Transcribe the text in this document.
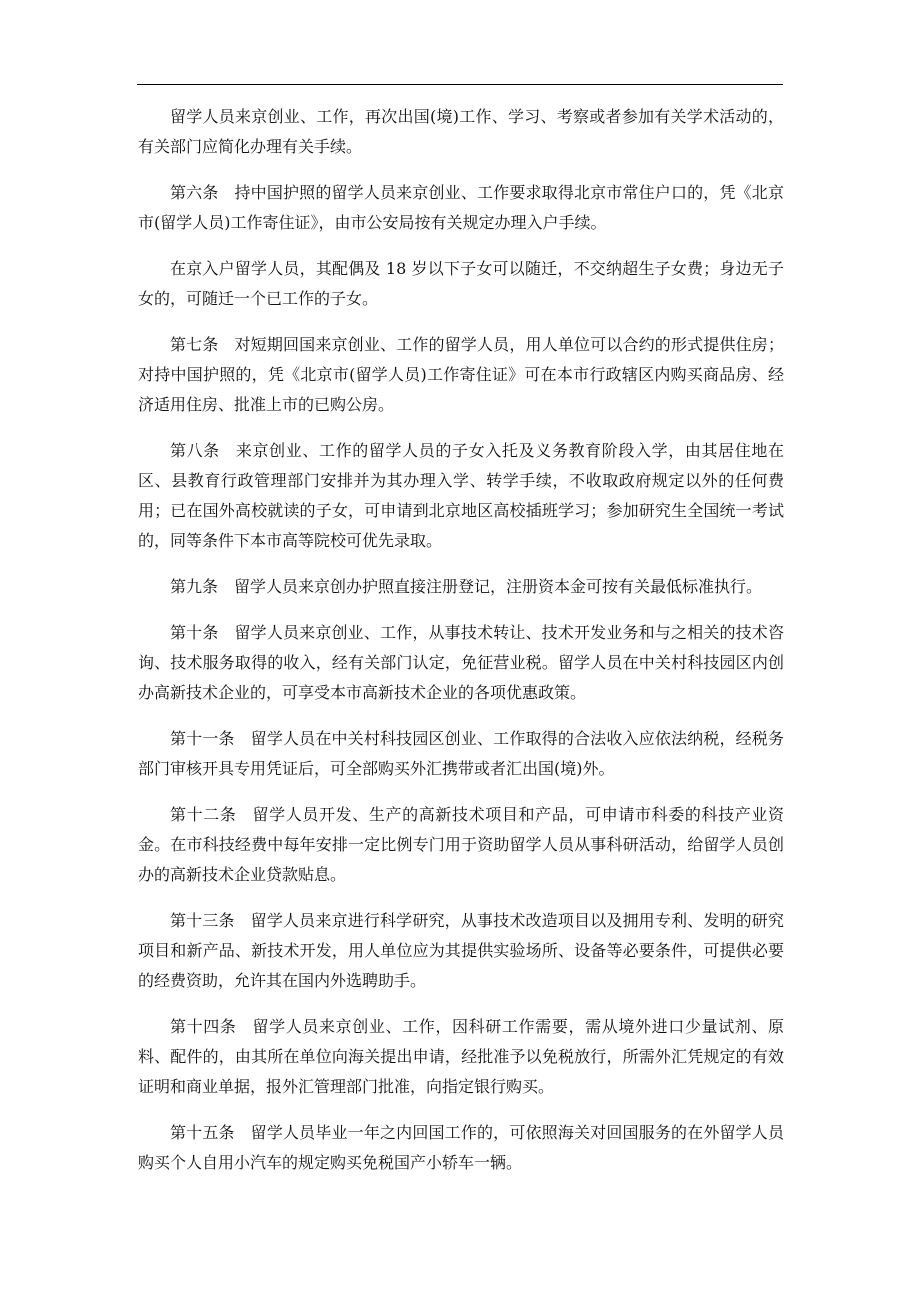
留学人员来京创业、工作，再次出国(境)工作、学习、考察或者参加有关学术活动的，有关部门应简化办理有关手续。

第六条 持中国护照的留学人员来京创业、工作要求取得北京市常住户口的，凭《北京市(留学人员)工作寄住证》，由市公安局按有关规定办理入户手续。

在京入户留学人员，其配偶及 18 岁以下子女可以随迁，不交纳超生子女费；身边无子女的，可随迁一个已工作的子女。

第七条 对短期回国来京创业、工作的留学人员，用人单位可以合约的形式提供住房；对持中国护照的，凭《北京市(留学人员)工作寄住证》可在本市行政辖区内购买商品房、经济适用住房、批准上市的已购公房。

第八条 来京创业、工作的留学人员的子女入托及义务教育阶段入学，由其居住地在区、县教育行政管理部门安排并为其办理入学、转学手续，不收取政府规定以外的任何费用；已在国外高校就读的子女，可申请到北京地区高校插班学习；参加研究生全国统一考试的，同等条件下本市高等院校可优先录取。

第九条 留学人员来京创办护照直接注册登记，注册资本金可按有关最低标准执行。

第十条 留学人员来京创业、工作，从事技术转让、技术开发业务和与之相关的技术咨询、技术服务取得的收入，经有关部门认定，免征营业税。留学人员在中关村科技园区内创办高新技术企业的，可享受本市高新技术企业的各项优惠政策。

第十一条 留学人员在中关村科技园区创业、工作取得的合法收入应依法纳税，经税务部门审核开具专用凭证后，可全部购买外汇携带或者汇出国(境)外。

第十二条 留学人员开发、生产的高新技术项目和产品，可申请市科委的科技产业资金。在市科技经费中每年安排一定比例专门用于资助留学人员从事科研活动，给留学人员创办的高新技术企业贷款贴息。

第十三条 留学人员来京进行科学研究，从事技术改造项目以及拥用专利、发明的研究项目和新产品、新技术开发，用人单位应为其提供实验场所、设备等必要条件，可提供必要的经费资助，允许其在国内外选聘助手。

第十四条 留学人员来京创业、工作，因科研工作需要，需从境外进口少量试剂、原料、配件的，由其所在单位向海关提出申请，经批准予以免税放行，所需外汇凭规定的有效证明和商业单据，报外汇管理部门批准，向指定银行购买。

第十五条 留学人员毕业一年之内回国工作的，可依照海关对回国服务的在外留学人员购买个人自用小汽车的规定购买免税国产小轿车一辆。
